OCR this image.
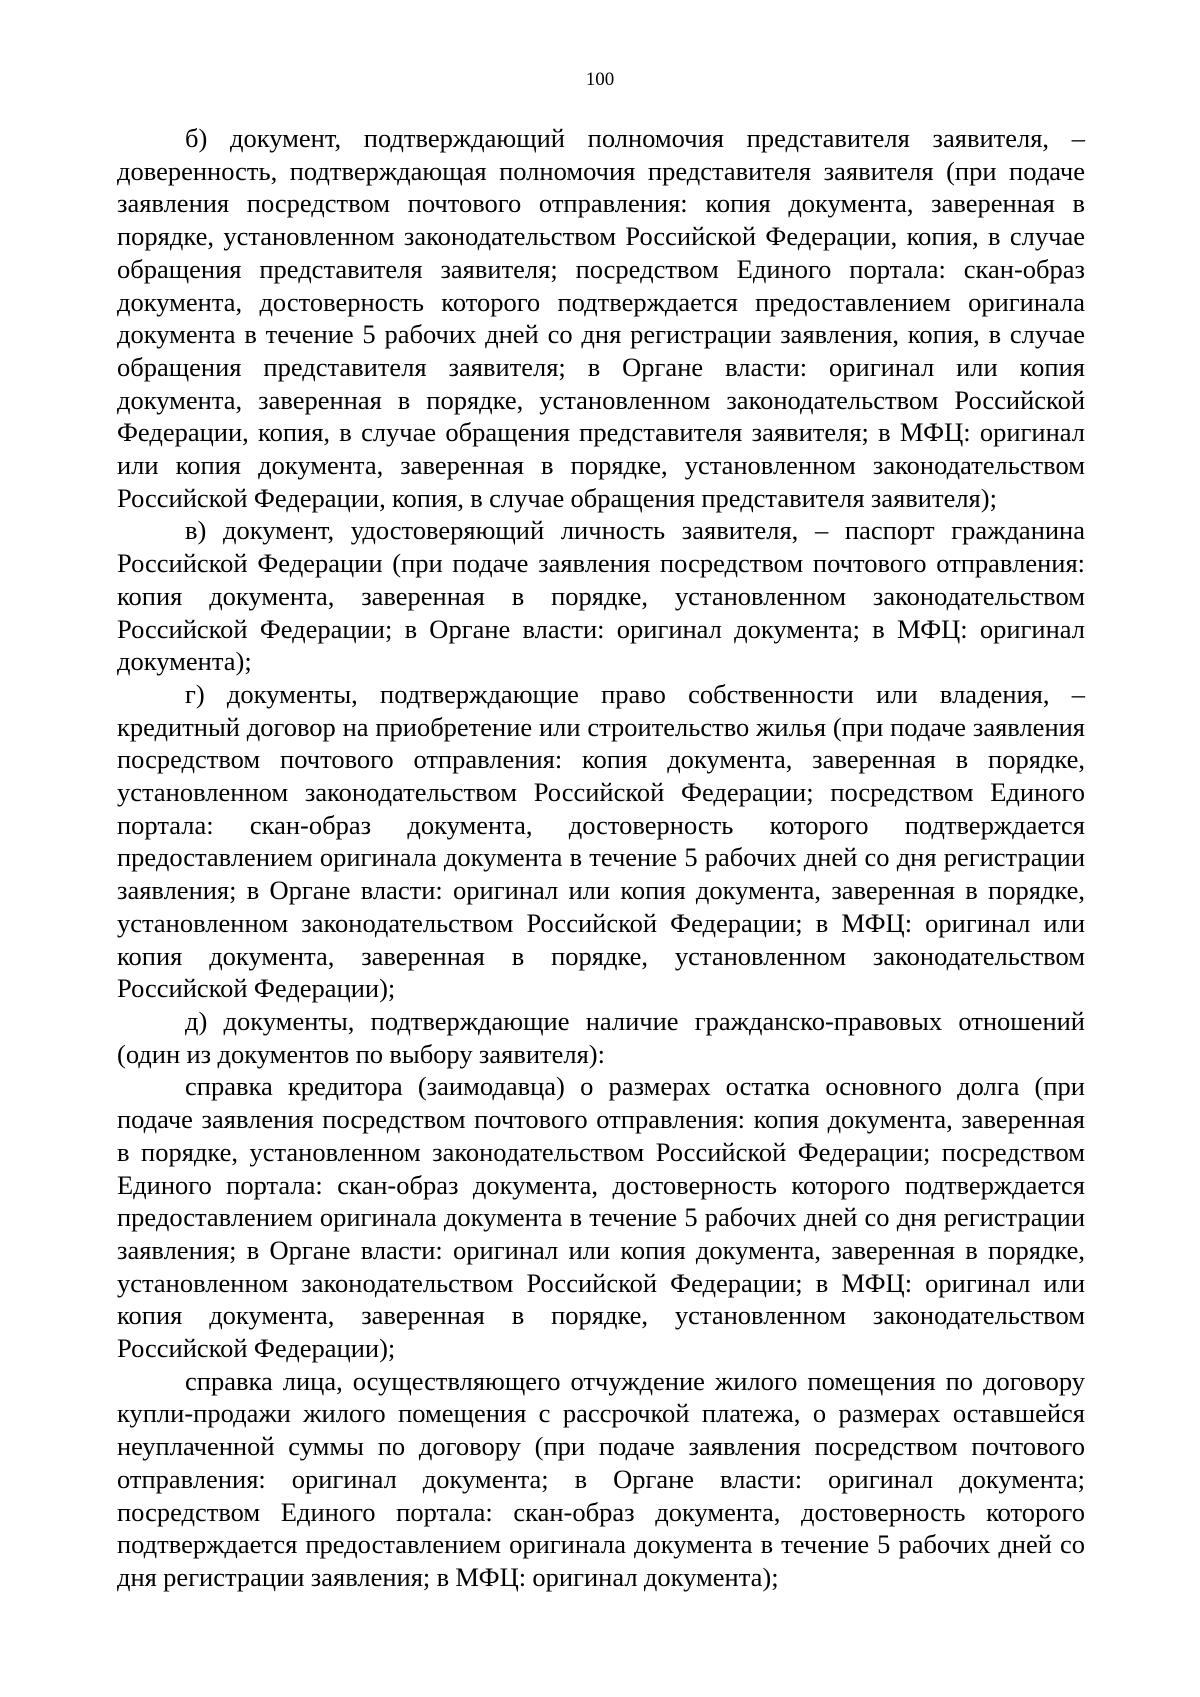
100

б) документ, подтверждающий полномочия представителя заявителя, – доверенность, подтверждающая полномочия представителя заявителя (при подаче заявления посредством почтового отправления: копия документа, заверенная в порядке, установленном законодательством Российской Федерации, копия, в случае обращения представителя заявителя; посредством Единого портала: скан-образ документа, достоверность которого подтверждается предоставлением оригинала документа в течение 5 рабочих дней со дня регистрации заявления, копия, в случае обращения представителя заявителя; в Органе власти: оригинал или копия документа, заверенная в порядке, установленном законодательством Российской Федерации, копия, в случае обращения представителя заявителя; в МФЦ: оригинал или копия документа, заверенная в порядке, установленном законодательством Российской Федерации, копия, в случае обращения представителя заявителя);

в) документ, удостоверяющий личность заявителя, – паспорт гражданина Российской Федерации (при подаче заявления посредством почтового отправления: копия документа, заверенная в порядке, установленном законодательством Российской Федерации; в Органе власти: оригинал документа; в МФЦ: оригинал документа);

г) документы, подтверждающие право собственности или владения, – кредитный договор на приобретение или строительство жилья (при подаче заявления посредством почтового отправления: копия документа, заверенная в порядке, установленном законодательством Российской Федерации; посредством Единого портала: скан-образ документа, достоверность которого подтверждается предоставлением оригинала документа в течение 5 рабочих дней со дня регистрации заявления; в Органе власти: оригинал или копия документа, заверенная в порядке, установленном законодательством Российской Федерации; в МФЦ: оригинал или копия документа, заверенная в порядке, установленном законодательством Российской Федерации);

д) документы, подтверждающие наличие гражданско-правовых отношений (один из документов по выбору заявителя):

справка кредитора (заимодавца) о размерах остатка основного долга (при подаче заявления посредством почтового отправления: копия документа, заверенная в порядке, установленном законодательством Российской Федерации; посредством Единого портала: скан-образ документа, достоверность которого подтверждается предоставлением оригинала документа в течение 5 рабочих дней со дня регистрации заявления; в Органе власти: оригинал или копия документа, заверенная в порядке, установленном законодательством Российской Федерации; в МФЦ: оригинал или копия документа, заверенная в порядке, установленном законодательством Российской Федерации);

справка лица, осуществляющего отчуждение жилого помещения по договору купли-продажи жилого помещения с рассрочкой платежа, о размерах оставшейся неуплаченной суммы по договору (при подаче заявления посредством почтового отправления: оригинал документа; в Органе власти: оригинал документа; посредством Единого портала: скан-образ документа, достоверность которого подтверждается предоставлением оригинала документа в течение 5 рабочих дней со дня регистрации заявления; в МФЦ: оригинал документа);
